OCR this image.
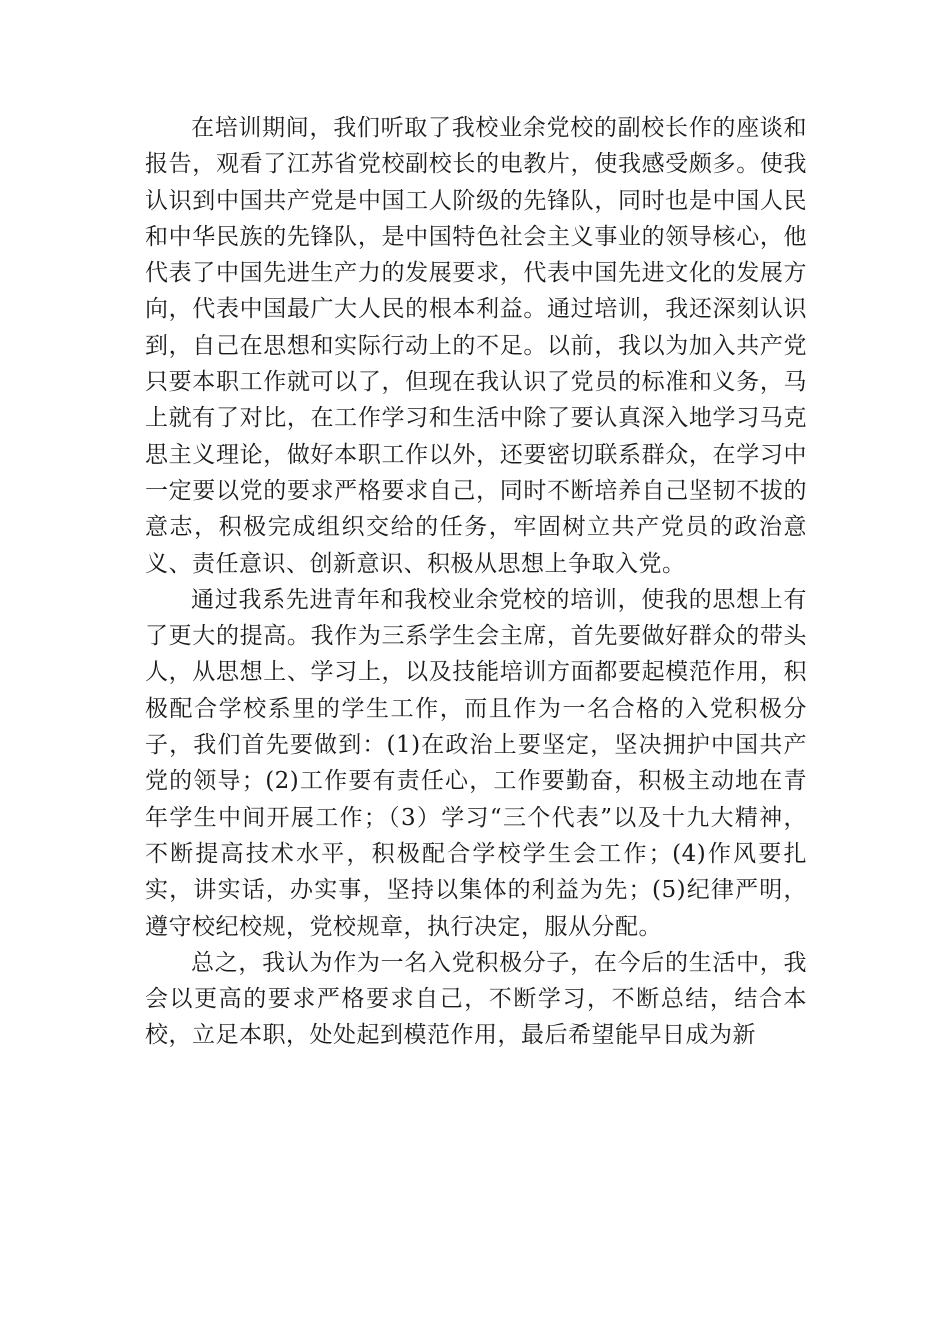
在培训期间，我们听取了我校业余党校的副校长作的座谈和报告，观看了江苏省党校副校长的电教片，使我感受颇多。使我认识到中国共产党是中国工人阶级的先锋队，同时也是中国人民和中华民族的先锋队，是中国特色社会主义事业的领导核心，他代表了中国先进生产力的发展要求，代表中国先进文化的发展方向，代表中国最广大人民的根本利益。通过培训，我还深刻认识到，自己在思想和实际行动上的不足。以前，我以为加入共产党只要本职工作就可以了，但现在我认识了党员的标准和义务，马上就有了对比，在工作学习和生活中除了要认真深入地学习马克思主义理论，做好本职工作以外，还要密切联系群众，在学习中一定要以党的要求严格要求自己，同时不断培养自己坚韧不拔的意志，积极完成组织交给的任务，牢固树立共产党员的政治意义、责任意识、创新意识、积极从思想上争取入党。

通过我系先进青年和我校业余党校的培训，使我的思想上有了更大的提高。我作为三系学生会主席，首先要做好群众的带头人，从思想上、学习上，以及技能培训方面都要起模范作用，积极配合学校系里的学生工作，而且作为一名合格的入党积极分子，我们首先要做到：(1)在政治上要坚定，坚决拥护中国共产党的领导；(2)工作要有责任心，工作要勤奋，积极主动地在青年学生中间开展工作；（3）学习“三个代表”以及十九大精神，不断提高技术水平，积极配合学校学生会工作；(4)作风要扎实，讲实话，办实事，坚持以集体的利益为先；(5)纪律严明，遵守校纪校规，党校规章，执行决定，服从分配。

总之，我认为作为一名入党积极分子，在今后的生活中，我会以更高的要求严格要求自己，不断学习，不断总结，结合本校，立足本职，处处起到模范作用，最后希望能早日成为新
